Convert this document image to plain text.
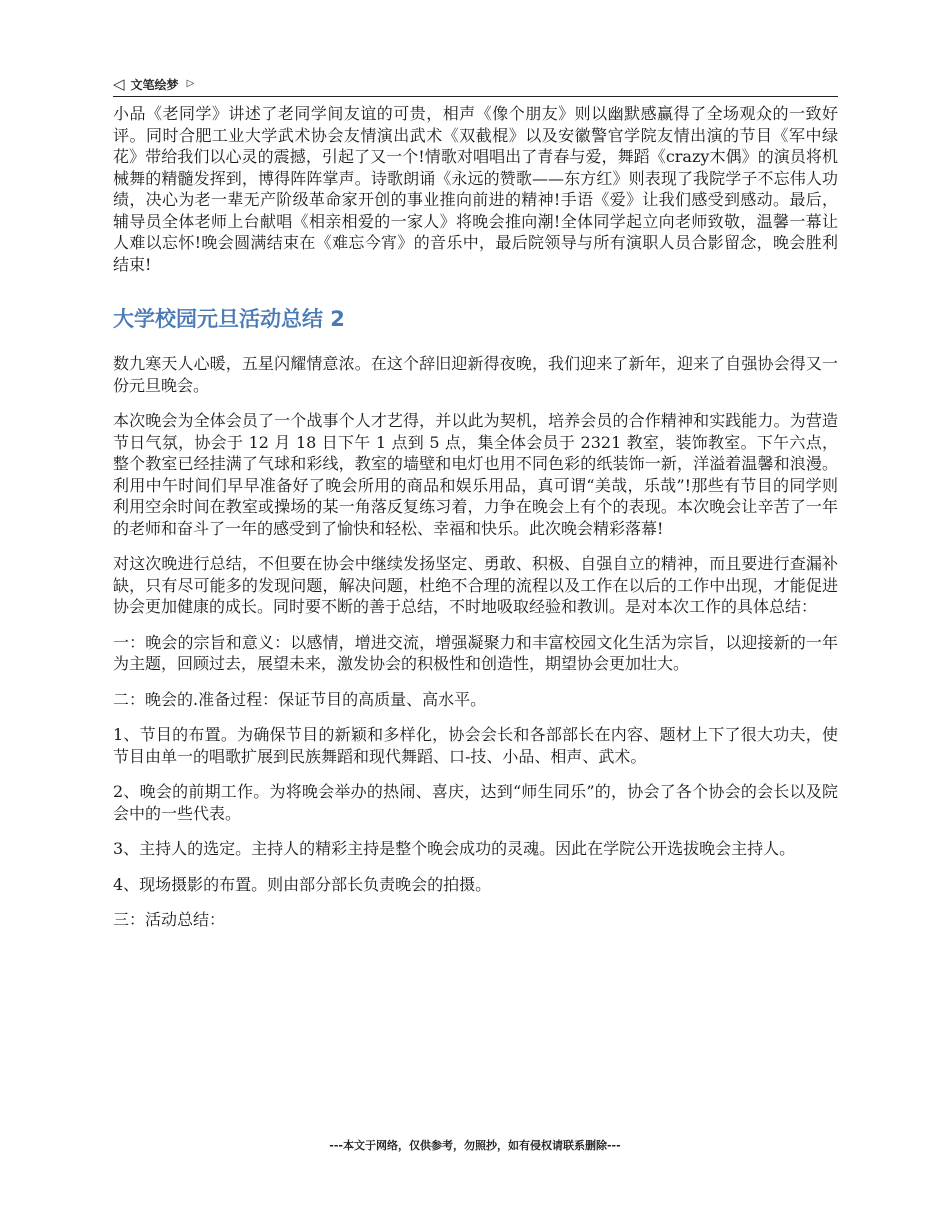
◁ 文笔绘梦 ▷

小品《老同学》讲述了老同学间友谊的可贵，相声《像个朋友》则以幽默感赢得了全场观众的一致好评。同时合肥工业大学武术协会友情演出武术《双截棍》以及安徽警官学院友情出演的节目《军中绿花》带给我们以心灵的震撼，引起了又一个!情歌对唱唱出了青春与爱，舞蹈《crazy木偶》的演员将机械舞的精髓发挥到，博得阵阵掌声。诗歌朗诵《永远的赞歌——东方红》则表现了我院学子不忘伟人功绩，决心为老一辈无产阶级革命家开创的事业推向前进的精神!手语《爱》让我们感受到感动。最后，辅导员全体老师上台献唱《相亲相爱的一家人》将晚会推向潮!全体同学起立向老师致敬，温馨一幕让人难以忘怀!晚会圆满结束在《难忘今宵》的音乐中，最后院领导与所有演职人员合影留念，晚会胜利结束!

大学校园元旦活动总结 2

数九寒天人心暖，五星闪耀情意浓。在这个辞旧迎新得夜晚，我们迎来了新年，迎来了自强协会得又一份元旦晚会。

本次晚会为全体会员了一个战事个人才艺得，并以此为契机，培养会员的合作精神和实践能力。为营造节日气氛，协会于 12 月 18 日下午 1 点到 5 点，集全体会员于 2321 教室，装饰教室。下午六点，整个教室已经挂满了气球和彩线，教室的墙壁和电灯也用不同色彩的纸装饰一新，洋溢着温馨和浪漫。利用中午时间们早早准备好了晚会所用的商品和娱乐用品，真可谓“美哉，乐哉”!那些有节目的同学则利用空余时间在教室或操场的某一角落反复练习着，力争在晚会上有个的表现。本次晚会让辛苦了一年的老师和奋斗了一年的感受到了愉快和轻松、幸福和快乐。此次晚会精彩落幕!

对这次晚进行总结，不但要在协会中继续发扬坚定、勇敢、积极、自强自立的精神，而且要进行查漏补缺，只有尽可能多的发现问题，解决问题，杜绝不合理的流程以及工作在以后的工作中出现，才能促进协会更加健康的成长。同时要不断的善于总结，不时地吸取经验和教训。是对本次工作的具体总结：

一：晚会的宗旨和意义：以感情，增进交流，增强凝聚力和丰富校园文化生活为宗旨，以迎接新的一年为主题，回顾过去，展望未来，激发协会的积极性和创造性，期望协会更加壮大。

二：晚会的.准备过程：保证节目的高质量、高水平。

1、节目的布置。为确保节目的新颖和多样化，协会会长和各部部长在内容、题材上下了很大功夫，使节目由单一的唱歌扩展到民族舞蹈和现代舞蹈、口-技、小品、相声、武术。

2、晚会的前期工作。为将晚会举办的热闹、喜庆，达到“师生同乐”的，协会了各个协会的会长以及院会中的一些代表。

3、主持人的选定。主持人的精彩主持是整个晚会成功的灵魂。因此在学院公开选拔晚会主持人。

4、现场摄影的布置。则由部分部长负责晚会的拍摄。

三：活动总结：

---本文于网络，仅供参考，勿照抄，如有侵权请联系删除---
